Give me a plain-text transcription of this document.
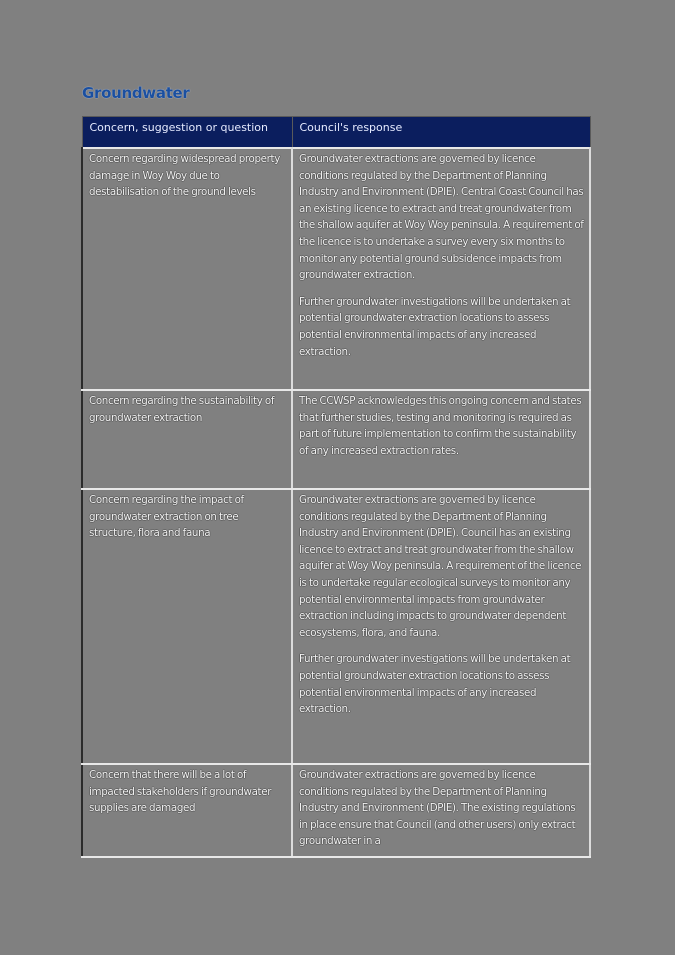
Groundwater
Concern, suggestion or question	Council's response
Concern regarding widespread property damage in Woy Woy due to destabilisation of the ground levels	Groundwater extractions are governed by licence conditions regulated by the Department of Planning Industry and Environment (DPIE). Central Coast Council has an existing licence to extract and treat groundwater from the shallow aquifer at Woy Woy peninsula. A requirement of the licence is to undertake a survey every six months to monitor any potential ground subsidence impacts from groundwater extraction.

Further groundwater investigations will be undertaken at potential groundwater extraction locations to assess potential environmental impacts of any increased extraction.

Concern regarding the sustainability of groundwater extraction	The CCWSP acknowledges this ongoing concern and states that further studies, testing and monitoring is required as part of future implementation to confirm the sustainability of any increased extraction rates.

Concern regarding the impact of groundwater extraction on tree structure, flora and fauna	Groundwater extractions are governed by licence conditions regulated by the Department of Planning Industry and Environment (DPIE). Council has an existing licence to extract and treat groundwater from the shallow aquifer at Woy Woy peninsula. A requirement of the licence is to undertake regular ecological surveys to monitor any potential environmental impacts from groundwater extraction including impacts to groundwater dependent ecosystems, flora, and fauna.

Further groundwater investigations will be undertaken at potential groundwater extraction locations to assess potential environmental impacts of any increased extraction.

Concern that there will be a lot of impacted stakeholders if groundwater supplies are damaged	Groundwater extractions are governed by licence conditions regulated by the Department of Planning Industry and Environment (DPIE). The existing regulations in place ensure that Council (and other users) only extract groundwater in a
